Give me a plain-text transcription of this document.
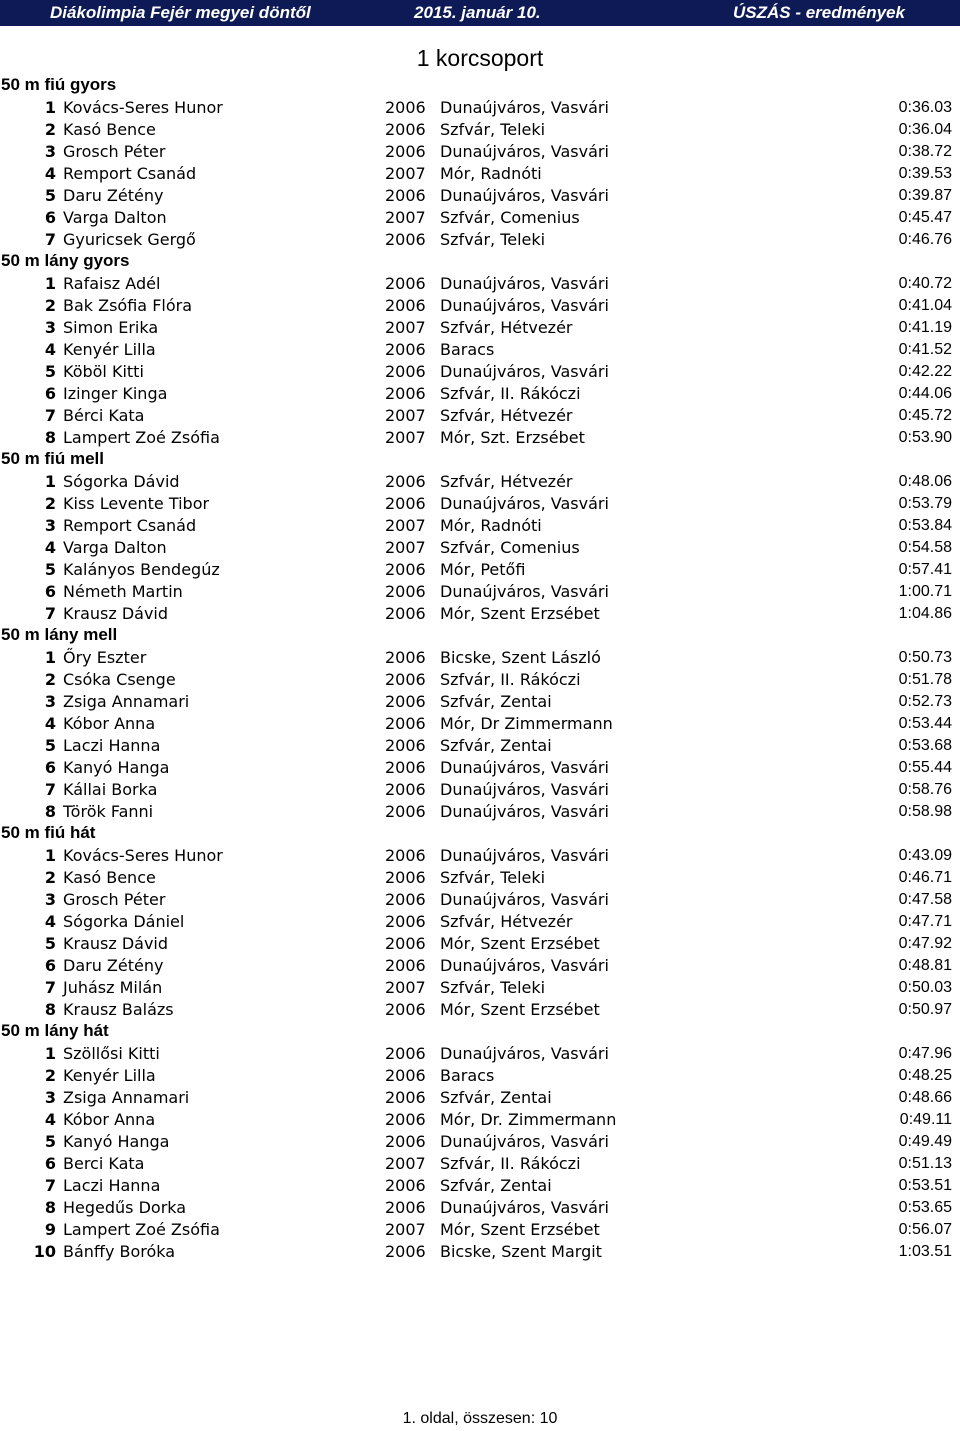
Diákolimpia Fejér megyei döntől	2015. január 10.	ÚSZÁS - eredmények
1 korcsoport
50 m fiú gyors
1 Kovács-Seres Hunor	2006 Dunaújváros, Vasvári	0:36.03
2 Kasó Bence	2006 Szfvár, Teleki	0:36.04
3 Grosch Péter	2006 Dunaújváros, Vasvári	0:38.72
4 Remport Csanád	2007 Mór, Radnóti	0:39.53
5 Daru Zétény	2006 Dunaújváros, Vasvári	0:39.87
6 Varga Dalton	2007 Szfvár, Comenius	0:45.47
7 Gyuricsek Gergő	2006 Szfvár, Teleki	0:46.76
50 m lány gyors
1 Rafaisz Adél	2006 Dunaújváros, Vasvári	0:40.72
2 Bak Zsófia Flóra	2006 Dunaújváros, Vasvári	0:41.04
3 Simon Erika	2007 Szfvár, Hétvezér	0:41.19
4 Kenyér Lilla	2006 Baracs	0:41.52
5 Köböl Kitti	2006 Dunaújváros, Vasvári	0:42.22
6 Izinger Kinga	2006 Szfvár, II. Rákóczi	0:44.06
7 Bérci Kata	2007 Szfvár, Hétvezér	0:45.72
8 Lampert Zoé Zsófia	2007 Mór, Szt. Erzsébet	0:53.90
50 m fiú mell
1 Sógorka Dávid	2006 Szfvár, Hétvezér	0:48.06
2 Kiss Levente Tibor	2006 Dunaújváros, Vasvári	0:53.79
3 Remport Csanád	2007 Mór, Radnóti	0:53.84
4 Varga Dalton	2007 Szfvár, Comenius	0:54.58
5 Kalányos Bendegúz	2006 Mór, Petőfi	0:57.41
6 Németh Martin	2006 Dunaújváros, Vasvári	1:00.71
7 Krausz Dávid	2006 Mór, Szent Erzsébet	1:04.86
50 m lány mell
1 Őry Eszter	2006 Bicske, Szent László	0:50.73
2 Csóka Csenge	2006 Szfvár, II. Rákóczi	0:51.78
3 Zsiga Annamari	2006 Szfvár, Zentai	0:52.73
4 Kóbor Anna	2006 Mór, Dr Zimmermann	0:53.44
5 Laczi Hanna	2006 Szfvár, Zentai	0:53.68
6 Kanyó Hanga	2006 Dunaújváros, Vasvári	0:55.44
7 Kállai Borka	2006 Dunaújváros, Vasvári	0:58.76
8 Török Fanni	2006 Dunaújváros, Vasvári	0:58.98
50 m fiú hát
1 Kovács-Seres Hunor	2006 Dunaújváros, Vasvári	0:43.09
2 Kasó Bence	2006 Szfvár, Teleki	0:46.71
3 Grosch Péter	2006 Dunaújváros, Vasvári	0:47.58
4 Sógorka Dániel	2006 Szfvár, Hétvezér	0:47.71
5 Krausz Dávid	2006 Mór, Szent Erzsébet	0:47.92
6 Daru Zétény	2006 Dunaújváros, Vasvári	0:48.81
7 Juhász Milán	2007 Szfvár, Teleki	0:50.03
8 Krausz Balázs	2006 Mór, Szent Erzsébet	0:50.97
50 m lány hát
1 Szöllősi Kitti	2006 Dunaújváros, Vasvári	0:47.96
2 Kenyér Lilla	2006 Baracs	0:48.25
3 Zsiga Annamari	2006 Szfvár, Zentai	0:48.66
4 Kóbor Anna	2006 Mór, Dr. Zimmermann	0:49.11
5 Kanyó Hanga	2006 Dunaújváros, Vasvári	0:49.49
6 Berci Kata	2007 Szfvár, II. Rákóczi	0:51.13
7 Laczi Hanna	2006 Szfvár, Zentai	0:53.51
8 Hegedűs Dorka	2006 Dunaújváros, Vasvári	0:53.65
9 Lampert Zoé Zsófia	2007 Mór, Szent Erzsébet	0:56.07
10 Bánffy Boróka	2006 Bicske, Szent Margit	1:03.51
1. oldal, összesen: 10
